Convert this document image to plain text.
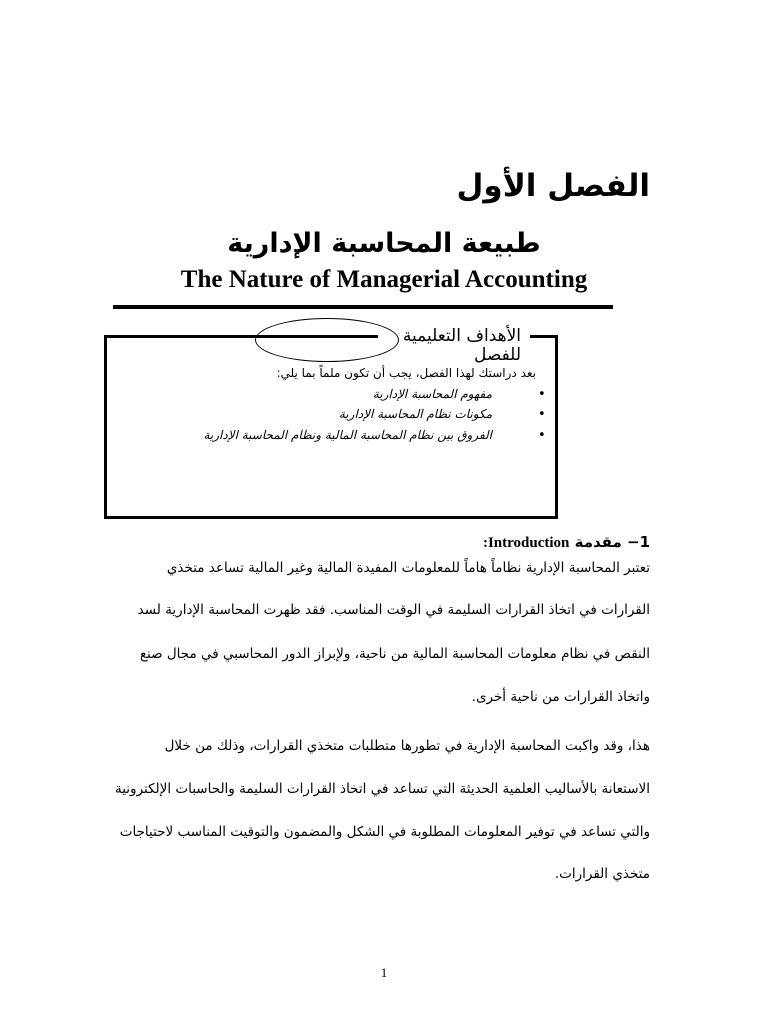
الفصل الأول
طبيعة المحاسبة الإدارية
The Nature of Managerial Accounting
الأهداف التعليمية للفصل
بعد دراستك لهذا الفصل، يجب أن تكون ملماً بما يلي:
•
مفهوم المحاسبة الإدارية
•
مكونات نظام المحاسبة الإدارية
•
الفروق بين نظام المحاسبة المالية ونظام المحاسبة الإدارية
1− مقدمة Introduction:
تعتبر المحاسبة الإدارية نظاماً هاماً للمعلومات المفيدة المالية وغير المالية تساعد متخذي
القرارات في اتخاذ القرارات السليمة في الوقت المناسب. فقد ظهرت المحاسبة الإدارية لسد
النقص في نظام معلومات المحاسبة المالية من ناحية، ولإبراز الدور المحاسبي في مجال صنع
واتخاذ القرارات من ناحية أخرى.
هذا، وقد واكبت المحاسبة الإدارية في تطورها متطلبات متخذي القرارات، وذلك من خلال
الاستعانة بالأساليب العلمية الحديثة التي تساعد في اتخاذ القرارات السليمة والحاسبات الإلكترونية
والتي تساعد في توفير المعلومات المطلوبة في الشكل والمضمون والتوقيت المناسب لاحتياجات
متخذي القرارات.
1
